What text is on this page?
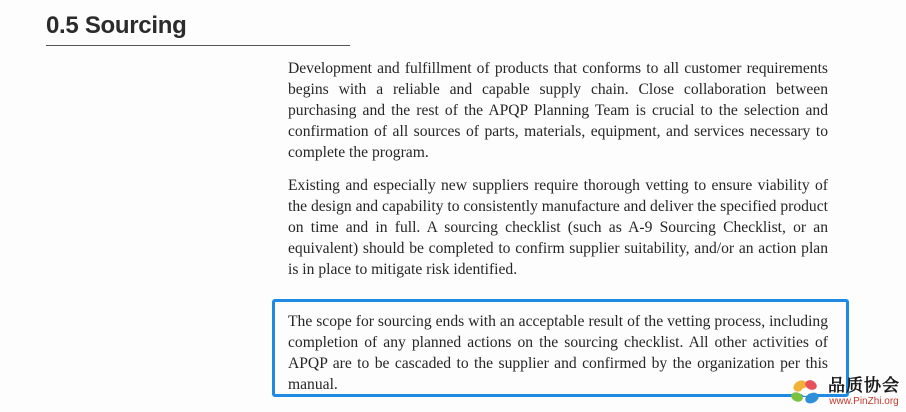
0.5 Sourcing

Development and fulfillment of products that conforms to all customer requirements begins with a reliable and capable supply chain. Close collaboration between purchasing and the rest of the APQP Planning Team is crucial to the selection and confirmation of all sources of parts, materials, equipment, and services necessary to complete the program.

Existing and especially new suppliers require thorough vetting to ensure viability of the design and capability to consistently manufacture and deliver the specified product on time and in full. A sourcing checklist (such as A-9 Sourcing Checklist, or an equivalent) should be completed to confirm supplier suitability, and/or an action plan is in place to mitigate risk identified.

The scope for sourcing ends with an acceptable result of the vetting process, including completion of any planned actions on the sourcing checklist. All other activities of APQP are to be cascaded to the supplier and confirmed by the organization per this manual.	品质协会
www.PinZhi.org
